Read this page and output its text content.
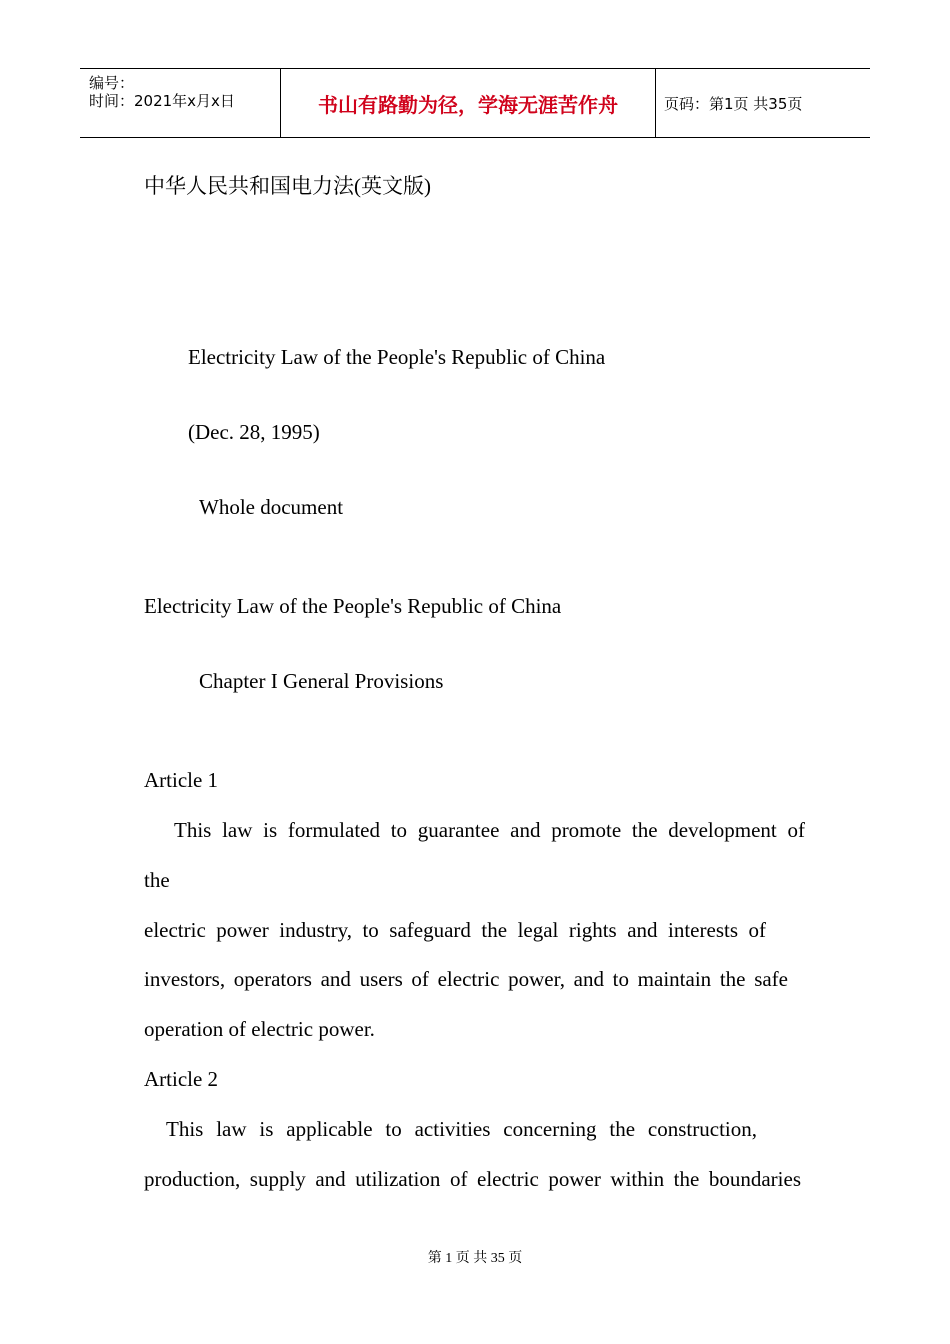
编号：
时间：2021年x月x日	书山有路勤为径，学海无涯苦作舟	页码：第1页 共35页
中华人民共和国电力法(英文版)
Electricity Law of the People's Republic of China
(Dec. 28, 1995)
Whole document
Electricity Law of the People's Republic of China
Chapter I General Provisions
Article 1
This law is formulated to guarantee and promote the development of
the
electric power industry, to safeguard the legal rights and interests of
investors, operators and users of electric power, and to maintain the safe
operation of electric power.
Article 2
This law is applicable to activities concerning the construction,
production, supply and utilization of electric power within the boundaries
第 1 页 共 35 页
